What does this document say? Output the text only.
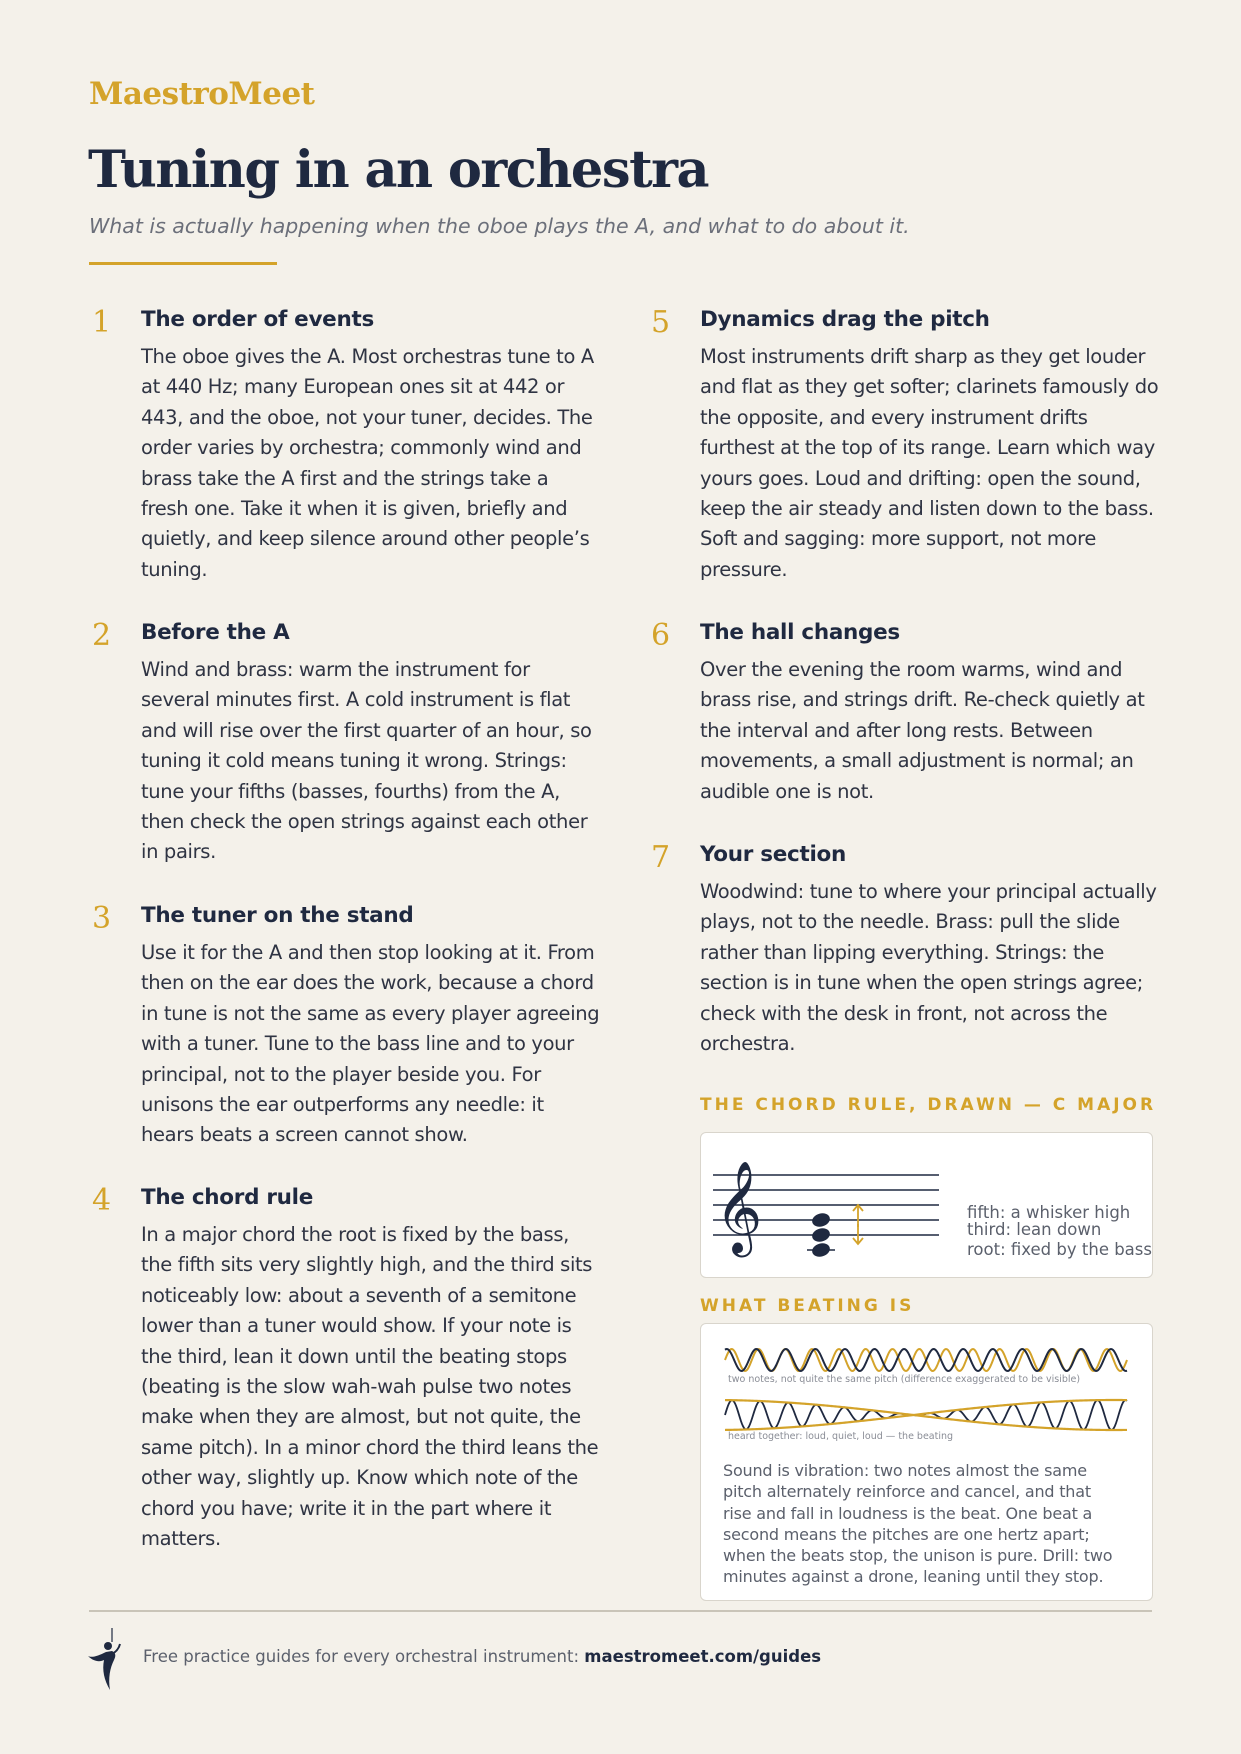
MaestroMeet
Tuning in an orchestra
What is actually happening when the oboe plays the A, and what to do about it.
1 The order of events

The oboe gives the A. Most orchestras tune to A at 440 Hz; many European ones sit at 442 or 443, and the oboe, not your tuner, decides. The order varies by orchestra; commonly wind and brass take the A first and the strings take a fresh one. Take it when it is given, briefly and quietly, and keep silence around other people’s tuning.

2 Before the A

Wind and brass: warm the instrument for several minutes first. A cold instrument is flat and will rise over the first quarter of an hour, so tuning it cold means tuning it wrong. Strings: tune your fifths (basses, fourths) from the A, then check the open strings against each other in pairs.

3 The tuner on the stand

Use it for the A and then stop looking at it. From then on the ear does the work, because a chord in tune is not the same as every player agreeing with a tuner. Tune to the bass line and to your principal, not to the player beside you. For unisons the ear outperforms any needle: it hears beats a screen cannot show.

4 The chord rule

In a major chord the root is fixed by the bass, the fifth sits very slightly high, and the third sits noticeably low: about a seventh of a semitone lower than a tuner would show. If your note is the third, lean it down until the beating stops (beating is the slow wah-wah pulse two notes make when they are almost, but not quite, the same pitch). In a minor chord the third leans the other way, slightly up. Know which note of the chord you have; write it in the part where it matters.

5 Dynamics drag the pitch

Most instruments drift sharp as they get louder and flat as they get softer; clarinets famously do the opposite, and every instrument drifts furthest at the top of its range. Learn which way yours goes. Loud and drifting: open the sound, keep the air steady and listen down to the bass. Soft and sagging: more support, not more pressure.

6 The hall changes

Over the evening the room warms, wind and brass rise, and strings drift. Re-check quietly at the interval and after long rests. Between movements, a small adjustment is normal; an audible one is not.

7 Your section

Woodwind: tune to where your principal actually plays, not to the needle. Brass: pull the slide rather than lipping everything. Strings: the section is in tune when the open strings agree; check with the desk in front, not across the orchestra.

THE CHORD RULE, DRAWN — C MAJOR
𝄞	fifth: a whisker high
third: lean down
root: fixed by the bass
WHAT BEATING IS
two notes, not quite the same pitch (difference exaggerated to be visible)
heard together: loud, quiet, loud — the beating

Sound is vibration: two notes almost the same pitch alternately reinforce and cancel, and that rise and fall in loudness is the beat. One beat a second means the pitches are one hertz apart; when the beats stop, the unison is pure. Drill: two minutes against a drone, leaning until they stop.

Free practice guides for every orchestral instrument: maestromeet.com/guides
